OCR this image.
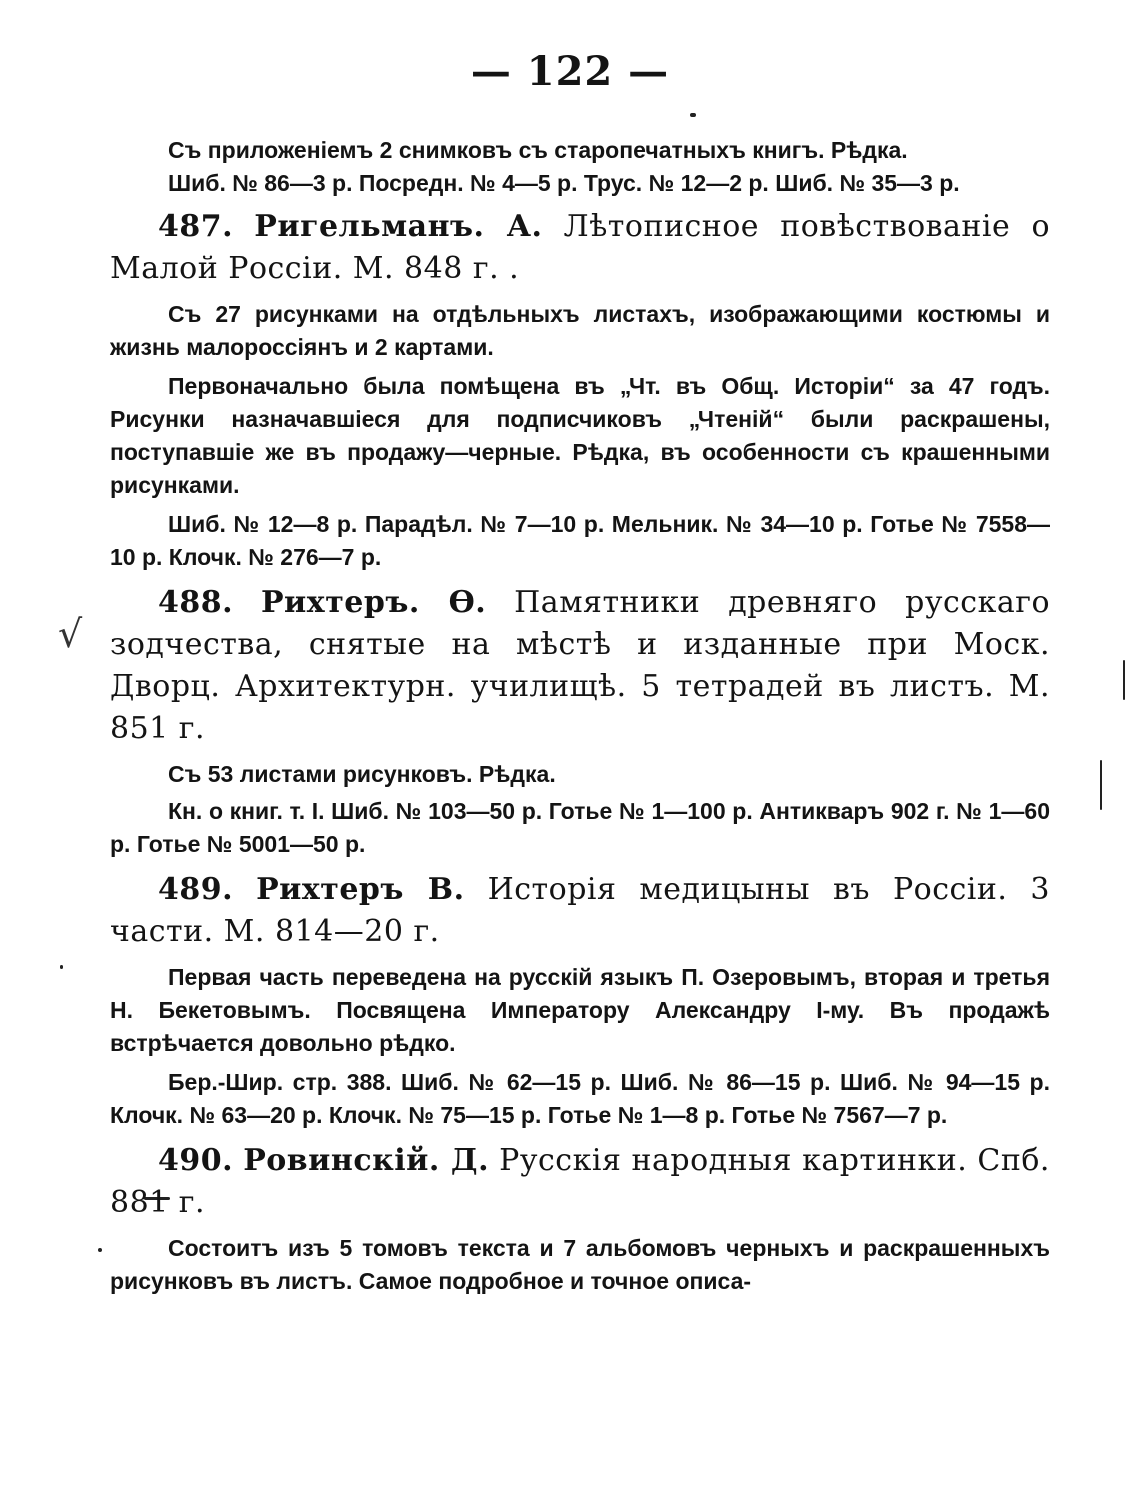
— 122 —
√

Съ приложеніемъ 2 снимковъ съ старопечатныхъ книгъ. Рѣдка.

Шиб. № 86—3 р. Посредн. № 4—5 р. Трус. № 12—2 р. Шиб. № 35—3 р.

487. Ригельманъ. А. Лѣтописное повѣствованіе о Малой Россіи. М. 848 г. .

Съ 27 рисунками на отдѣльныхъ листахъ, изображающими костюмы и жизнь малороссіянъ и 2 картами.

Первоначально была помѣщена въ „Чт. въ Общ. Исторіи“ за 47 годъ. Рисунки назначавшіеся для подписчиковъ „Чтеній“ были раскрашены, поступавшіе же въ продажу—черные. Рѣдка, въ особенности съ крашенными рисунками.

Шиб. № 12—8 р. Парадѣл. № 7—10 р. Мельник. № 34—10 р. Готье № 7558—10 р. Клочк. № 276—7 р.

488. Рихтеръ. Ѳ. Памятники древняго русскаго зодчества, снятые на мѣстѣ и изданные при Моск. Дворц. Архитектурн. училищѣ. 5 тетрадей въ листъ. М. 851 г.

Съ 53 листами рисунковъ. Рѣдка.

Кн. о книг. т. I. Шиб. № 103—50 р. Готье № 1—100 р. Антикваръ 902 г. № 1—60 р. Готье № 5001—50 р.

489. Рихтеръ В. Исторія медицыны въ Россіи. 3 части. М. 814—20 г.

Первая часть переведена на русскій языкъ П. Озеровымъ, вторая и третья Н. Бекетовымъ. Посвящена Императору Александру I-му. Въ продажѣ встрѣчается довольно рѣдко.

Бер.-Шир. стр. 388. Шиб. № 62—15 р. Шиб. № 86—15 р. Шиб. № 94—15 р. Клочк. № 63—20 р. Клочк. № 75—15 р. Готье № 1—8 р. Готье № 7567—7 р.

490. Ровинскій. Д. Русскія народныя картинки. Спб. 881 г.

Состоитъ изъ 5 томовъ текста и 7 альбомовъ черныхъ и раскрашенныхъ рисунковъ въ листъ. Самое подробное и точное описа-
